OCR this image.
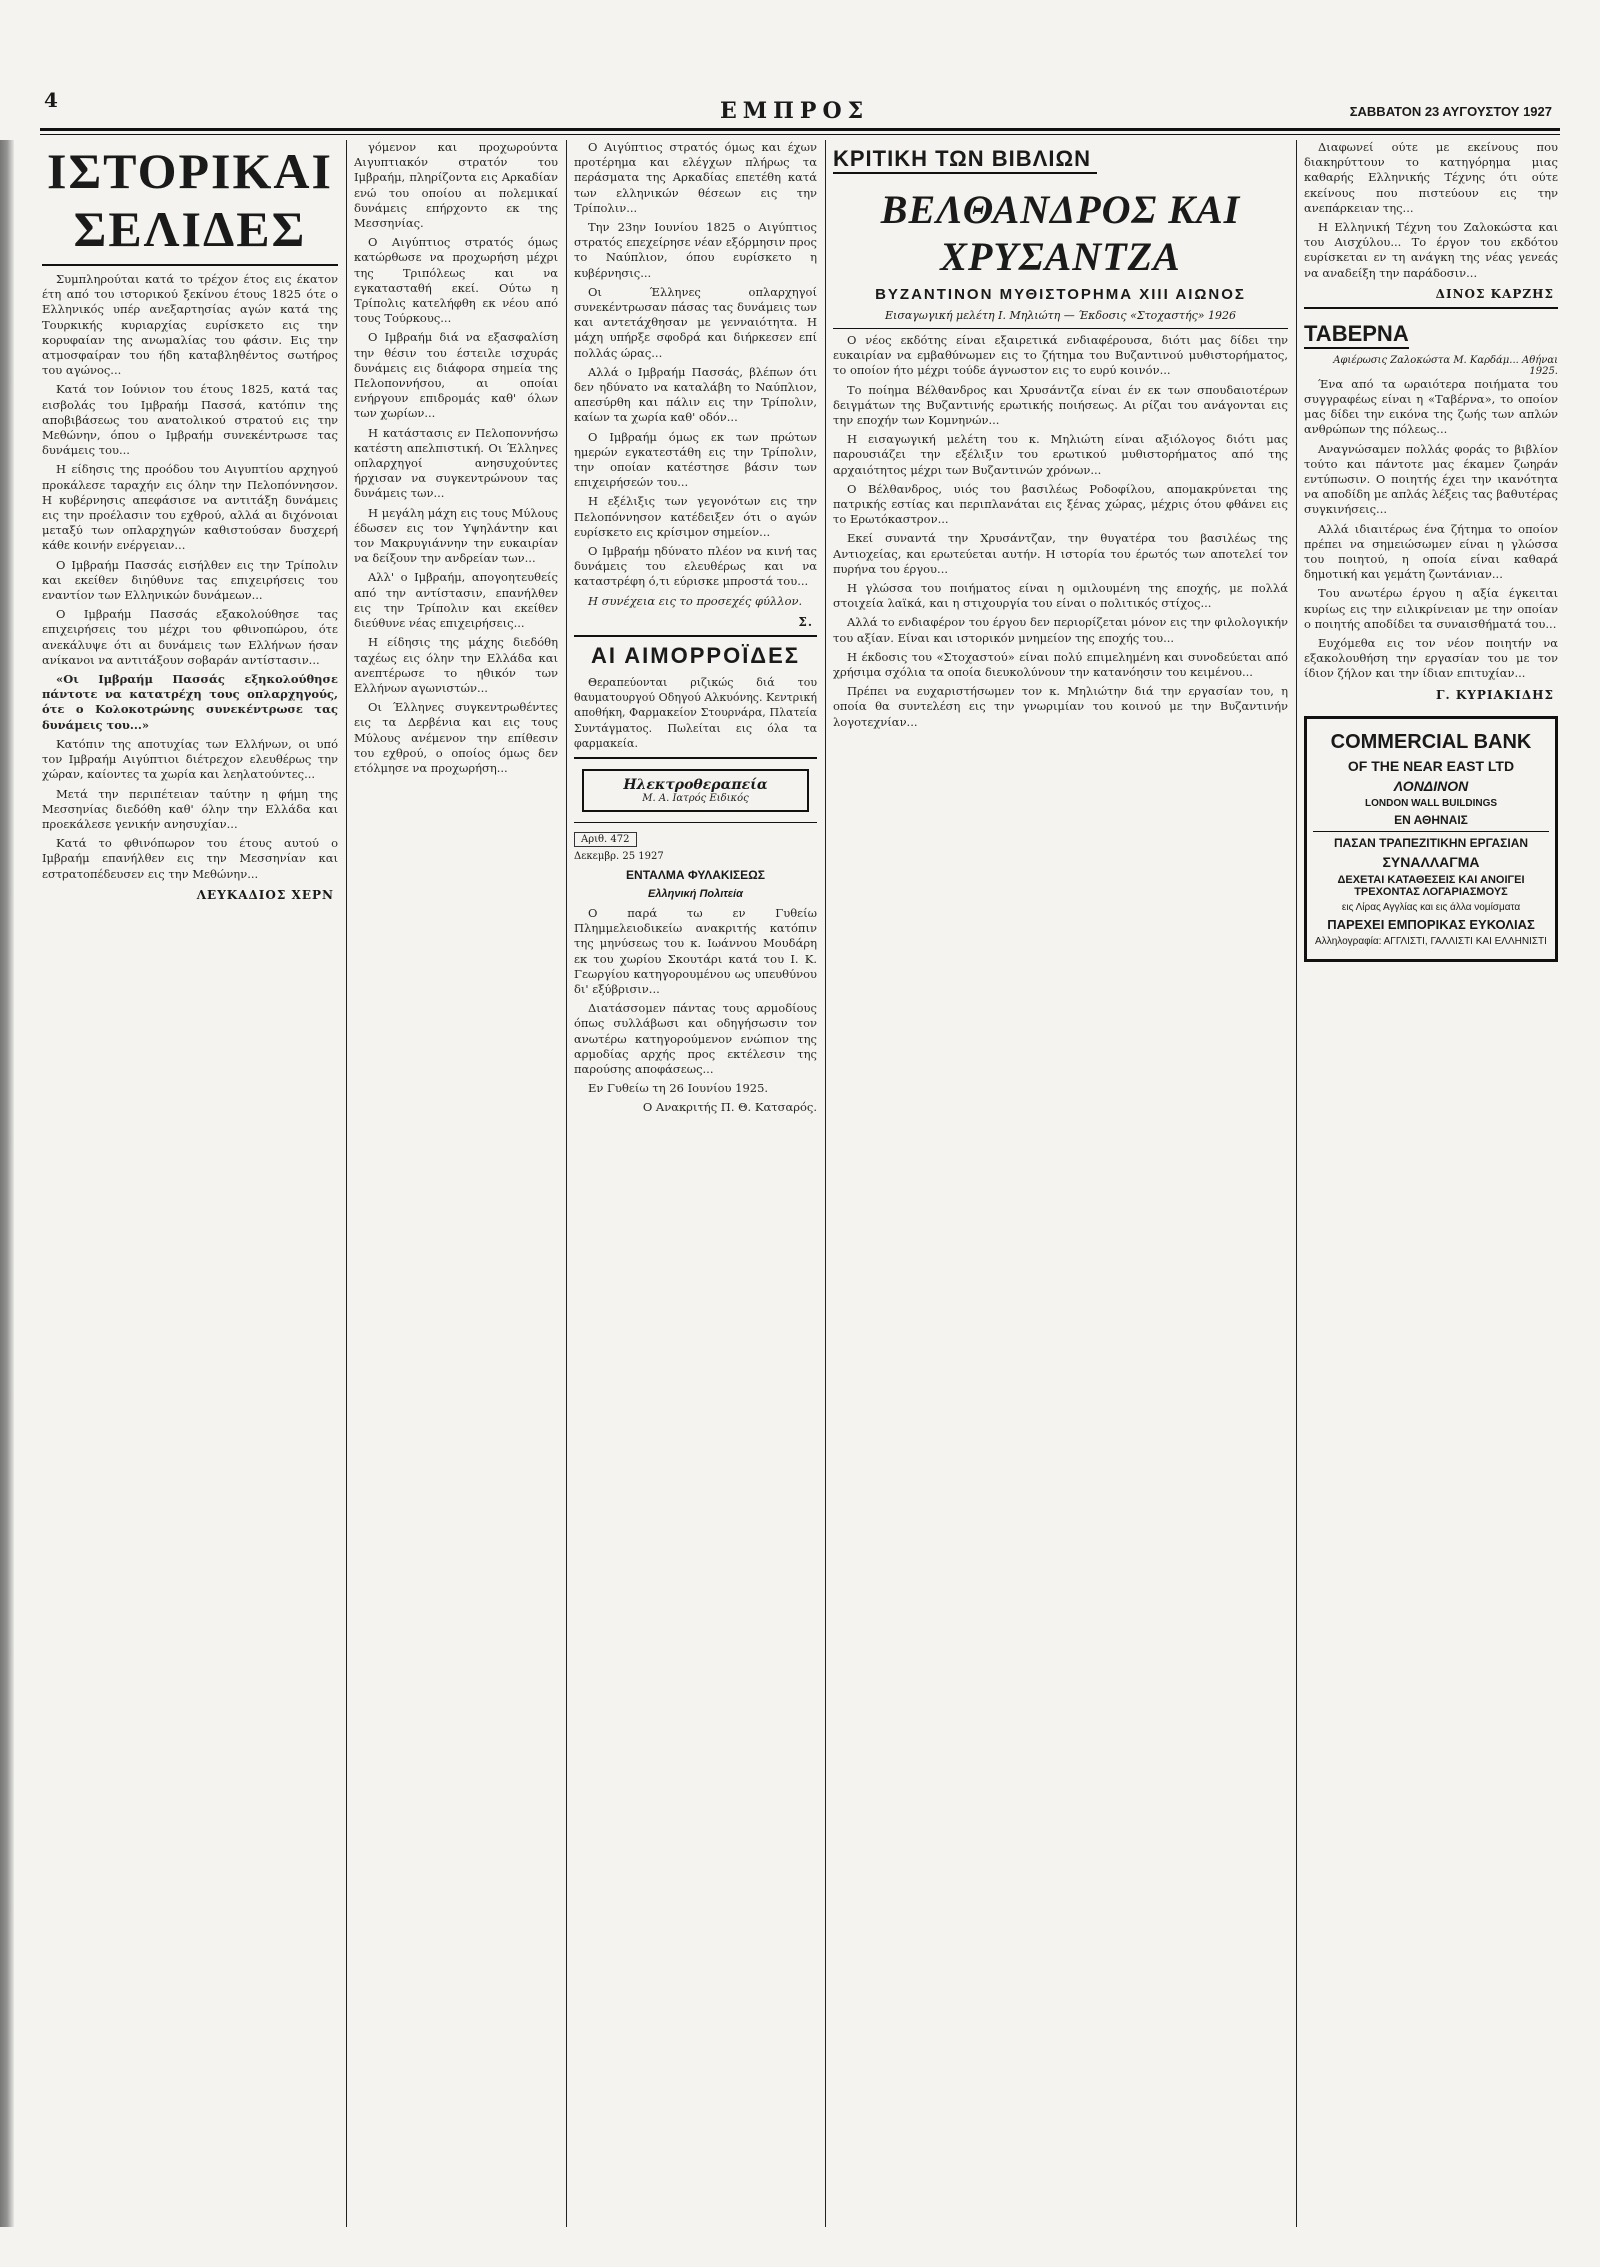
4	ΕΜΠΡΟΣ	ΣΑΒΒΑΤΟΝ 23 ΑΥΓΟΥΣΤΟΥ 1927
ΙΣΤΟΡΙΚΑΙ ΣΕΛΙΔΕΣ

Συμπληρούται κατά το τρέχον έτος εις έκατον έτη από του ιστορικού ξεκίνου έτους 1825 ότε ο Ελληνικός υπέρ ανεξαρτησίας αγών κατά της Τουρκικής κυριαρχίας ευρίσκετο εις την κορυφαίαν της ανωμαλίας του φάσιν. Εις την ατμοσφαίραν του ήδη καταβληθέντος σωτήρος του αγώνος...

Κατά τον Ιούνιον του έτους 1825, κατά τας εισβολάς του Ιμβραήμ Πασσά, κατόπιν της αποβιβάσεως του ανατολικού στρατού εις την Μεθώνην, όπου ο Ιμβραήμ συνεκέντρωσε τας δυνάμεις του...

Η είδησις της προόδου του Αιγυπτίου αρχηγού προκάλεσε ταραχήν εις όλην την Πελοπόννησον. Η κυβέρνησις απεφάσισε να αντιτάξη δυνάμεις εις την προέλασιν του εχθρού, αλλά αι διχόνοιαι μεταξύ των οπλαρχηγών καθιστούσαν δυσχερή κάθε κοινήν ενέργειαν...

Ο Ιμβραήμ Πασσάς εισήλθεν εις την Τρίπολιν και εκείθεν διηύθυνε τας επιχειρήσεις του εναντίον των Ελληνικών δυνάμεων...

Ο Ιμβραήμ Πασσάς εξακολούθησε τας επιχειρήσεις του μέχρι του φθινοπώρου, ότε ανεκάλυψε ότι αι δυνάμεις των Ελλήνων ήσαν ανίκανοι να αντιτάξουν σοβαράν αντίστασιν...

«Οι Ιμβραήμ Πασσάς εξηκολούθησε πάντοτε να κατατρέχη τους οπλαρχηγούς, ότε ο Κολοκοτρώνης συνεκέντρωσε τας δυνάμεις του...»

Κατόπιν της αποτυχίας των Ελλήνων, οι υπό τον Ιμβραήμ Αιγύπτιοι διέτρεχον ελευθέρως την χώραν, καίοντες τα χωρία και λεηλατούντες...

Μετά την περιπέτειαν ταύτην η φήμη της Μεσσηνίας διεδόθη καθ' όλην την Ελλάδα και προεκάλεσε γενικήν ανησυχίαν...

Κατά το φθινόπωρον του έτους αυτού ο Ιμβραήμ επανήλθεν εις την Μεσσηνίαν και εστρατοπέδευσεν εις την Μεθώνην...

ΛΕΥΚΑΔΙΟΣ ΧΕΡΝ

γόμενον και προχωρούντα Αιγυπτιακόν στρατόν του Ιμβραήμ, πληρίζοντα εις Αρκαδίαν ενώ του οποίου αι πολεμικαί δυνάμεις επήρχοντο εκ της Μεσσηνίας.

Ο Αιγύπτιος στρατός όμως κατώρθωσε να προχωρήση μέχρι της Τριπόλεως και να εγκατασταθή εκεί. Ούτω η Τρίπολις κατελήφθη εκ νέου από τους Τούρκους...

Ο Ιμβραήμ διά να εξασφαλίση την θέσιν του έστειλε ισχυράς δυνάμεις εις διάφορα σημεία της Πελοποννήσου, αι οποίαι ενήργουν επιδρομάς καθ' όλων των χωρίων...

Η κατάστασις εν Πελοποννήσω κατέστη απελπιστική. Οι Έλληνες οπλαρχηγοί ανησυχούντες ήρχισαν να συγκεντρώνουν τας δυνάμεις των...

Η μεγάλη μάχη εις τους Μύλους έδωσεν εις τον Υψηλάντην και τον Μακρυγιάννην την ευκαιρίαν να δείξουν την ανδρείαν των...

Αλλ' ο Ιμβραήμ, απογοητευθείς από την αντίστασιν, επανήλθεν εις την Τρίπολιν και εκείθεν διεύθυνε νέας επιχειρήσεις...

Η είδησις της μάχης διεδόθη ταχέως εις όλην την Ελλάδα και ανεπτέρωσε το ηθικόν των Ελλήνων αγωνιστών...

Οι Έλληνες συγκεντρωθέντες εις τα Δερβένια και εις τους Μύλους ανέμενον την επίθεσιν του εχθρού, ο οποίος όμως δεν ετόλμησε να προχωρήση...

Ο Αιγύπτιος στρατός όμως και έχων προτέρημα και ελέγχων πλήρως τα περάσματα της Αρκαδίας επετέθη κατά των ελληνικών θέσεων εις την Τρίπολιν...

Την 23ην Ιουνίου 1825 ο Αιγύπτιος στρατός επεχείρησε νέαν εξόρμησιν προς το Ναύπλιον, όπου ευρίσκετο η κυβέρνησις...

Οι Έλληνες οπλαρχηγοί συνεκέντρωσαν πάσας τας δυνάμεις των και αντετάχθησαν με γενναιότητα. Η μάχη υπήρξε σφοδρά και διήρκεσεν επί πολλάς ώρας...

Αλλά ο Ιμβραήμ Πασσάς, βλέπων ότι δεν ηδύνατο να καταλάβη το Ναύπλιον, απεσύρθη και πάλιν εις την Τρίπολιν, καίων τα χωρία καθ' οδόν...

Ο Ιμβραήμ όμως εκ των πρώτων ημερών εγκατεστάθη εις την Τρίπολιν, την οποίαν κατέστησε βάσιν των επιχειρήσεών του...

Η εξέλιξις των γεγονότων εις την Πελοπόννησον κατέδειξεν ότι ο αγών ευρίσκετο εις κρίσιμον σημείον...

Ο Ιμβραήμ ηδύνατο πλέον να κινή τας δυνάμεις του ελευθέρως και να καταστρέφη ό,τι εύρισκε μπροστά του...

Η συνέχεια εις το προσεχές φύλλον.

Σ.
ΑΙ ΑΙΜΟΡΡΟΪΔΕΣ

Θεραπεύονται ριζικώς διά του θαυματουργού Οδηγού Αλκυόνης. Κεντρική αποθήκη, Φαρμακείον Στουρνάρα, Πλατεία Συντάγματος. Πωλείται εις όλα τα φαρμακεία.

Ηλεκτροθεραπεία
Μ. Α. Ιατρός Ειδικός
Αριθ. 472
Δεκεμβρ. 25 1927
ΕΝΤΑΛΜΑ ΦΥΛΑΚΙΣΕΩΣ
Ελληνική Πολιτεία

Ο παρά τω εν Γυθείω Πλημμελειοδικείω ανακριτής κατόπιν της μηνύσεως του κ. Ιωάννου Μουδάρη εκ του χωρίου Σκουτάρι κατά του Ι. Κ. Γεωργίου κατηγορουμένου ως υπευθύνου δι' εξύβρισιν...

Διατάσσομεν πάντας τους αρμοδίους όπως συλλάβωσι και οδηγήσωσιν τον ανωτέρω κατηγορούμενον ενώπιον της αρμοδίας αρχής προς εκτέλεσιν της παρούσης αποφάσεως...

Εν Γυθείω τη 26 Ιουνίου 1925.

Ο Ανακριτής Π. Θ. Κατσαρός.

ΚΡΙΤΙΚΗ ΤΩΝ ΒΙΒΛΙΩΝ
ΒΕΛΘΑΝΔΡΟΣ ΚΑΙ ΧΡΥΣΑΝΤΖΑ
ΒΥΖΑΝΤΙΝΟΝ ΜΥΘΙΣΤΟΡΗΜΑ ΧΙΙΙ ΑΙΩΝΟΣ
Εισαγωγική μελέτη Ι. Μηλιώτη — Έκδοσις «Στοχαστής» 1926

Ο νέος εκδότης είναι εξαιρετικά ενδιαφέρουσα, διότι μας δίδει την ευκαιρίαν να εμβαθύνωμεν εις το ζήτημα του Βυζαντινού μυθιστορήματος, το οποίον ήτο μέχρι τούδε άγνωστον εις το ευρύ κοινόν...

Το ποίημα Βέλθανδρος και Χρυσάντζα είναι έν εκ των σπουδαιοτέρων δειγμάτων της Βυζαντινής ερωτικής ποιήσεως. Αι ρίζαι του ανάγονται εις την εποχήν των Κομνηνών...

Η εισαγωγική μελέτη του κ. Μηλιώτη είναι αξιόλογος διότι μας παρουσιάζει την εξέλιξιν του ερωτικού μυθιστορήματος από της αρχαιότητος μέχρι των Βυζαντινών χρόνων...

Ο Βέλθανδρος, υιός του βασιλέως Ροδοφίλου, απομακρύνεται της πατρικής εστίας και περιπλανάται εις ξένας χώρας, μέχρις ότου φθάνει εις το Ερωτόκαστρον...

Εκεί συναντά την Χρυσάντζαν, την θυγατέρα του βασιλέως της Αντιοχείας, και ερωτεύεται αυτήν. Η ιστορία του έρωτός των αποτελεί τον πυρήνα του έργου...

Η γλώσσα του ποιήματος είναι η ομιλουμένη της εποχής, με πολλά στοιχεία λαϊκά, και η στιχουργία του είναι ο πολιτικός στίχος...

Αλλά το ενδιαφέρον του έργου δεν περιορίζεται μόνον εις την φιλολογικήν του αξίαν. Είναι και ιστορικόν μνημείον της εποχής του...

Η έκδοσις του «Στοχαστού» είναι πολύ επιμελημένη και συνοδεύεται από χρήσιμα σχόλια τα οποία διευκολύνουν την κατανόησιν του κειμένου...

Πρέπει να ευχαριστήσωμεν τον κ. Μηλιώτην διά την εργασίαν του, η οποία θα συντελέση εις την γνωριμίαν του κοινού με την Βυζαντινήν λογοτεχνίαν...

Διαφωνεί ούτε με εκείνους που διακηρύττουν το κατηγόρημα μιας καθαρής Ελληνικής Τέχνης ότι ούτε εκείνους που πιστεύουν εις την ανεπάρκειαν της...

Η Ελληνική Τέχνη του Ζαλοκώστα και του Αισχύλου... Το έργον του εκδότου ευρίσκεται εν τη ανάγκη της νέας γενεάς να αναδείξη την παράδοσιν...

ΔΙΝΟΣ ΚΑΡΖΗΣ
ΤΑΒΕΡΝΑ
Αφιέρωσις Ζαλοκώστα Μ. Καρδάμ... Αθήναι 1925.

Ένα από τα ωραιότερα ποιήματα του συγγραφέως είναι η «Ταβέρνα», το οποίον μας δίδει την εικόνα της ζωής των απλών ανθρώπων της πόλεως...

Αναγνώσαμεν πολλάς φοράς το βιβλίον τούτο και πάντοτε μας έκαμεν ζωηράν εντύπωσιν. Ο ποιητής έχει την ικανότητα να αποδίδη με απλάς λέξεις τας βαθυτέρας συγκινήσεις...

Αλλά ιδιαιτέρως ένα ζήτημα το οποίον πρέπει να σημειώσωμεν είναι η γλώσσα του ποιητού, η οποία είναι καθαρά δημοτική και γεμάτη ζωντάνιαν...

Του ανωτέρω έργου η αξία έγκειται κυρίως εις την ειλικρίνειαν με την οποίαν ο ποιητής αποδίδει τα συναισθήματά του...

Ευχόμεθα εις τον νέον ποιητήν να εξακολουθήση την εργασίαν του με τον ίδιον ζήλον και την ίδιαν επιτυχίαν...

Γ. ΚΥΡΙΑΚΙΔΗΣ
COMMERCIAL BANK
OF THE NEAR EAST LTD
ΛΟΝΔΙΝΟΝ
LONDON WALL BUILDINGS
ΕΝ ΑΘΗΝΑΙΣ
ΠΑΣΑΝ ΤΡΑΠΕΖΙΤΙΚΗΝ ΕΡΓΑΣΙΑΝ
ΣΥΝΑΛΛΑΓΜΑ
ΔΕΧΕΤΑΙ ΚΑΤΑΘΕΣΕΙΣ ΚΑΙ ΑΝΟΙΓΕΙ ΤΡΕΧΟΝΤΑΣ ΛΟΓΑΡΙΑΣΜΟΥΣ
εις Λίρας Αγγλίας και εις άλλα νομίσματα
ΠΑΡΕΧΕΙ ΕΜΠΟΡΙΚΑΣ ΕΥΚΟΛΙΑΣ
Αλληλογραφία: ΑΓΓΛΙΣΤΙ, ΓΑΛΛΙΣΤΙ ΚΑΙ ΕΛΛΗΝΙΣΤΙ
